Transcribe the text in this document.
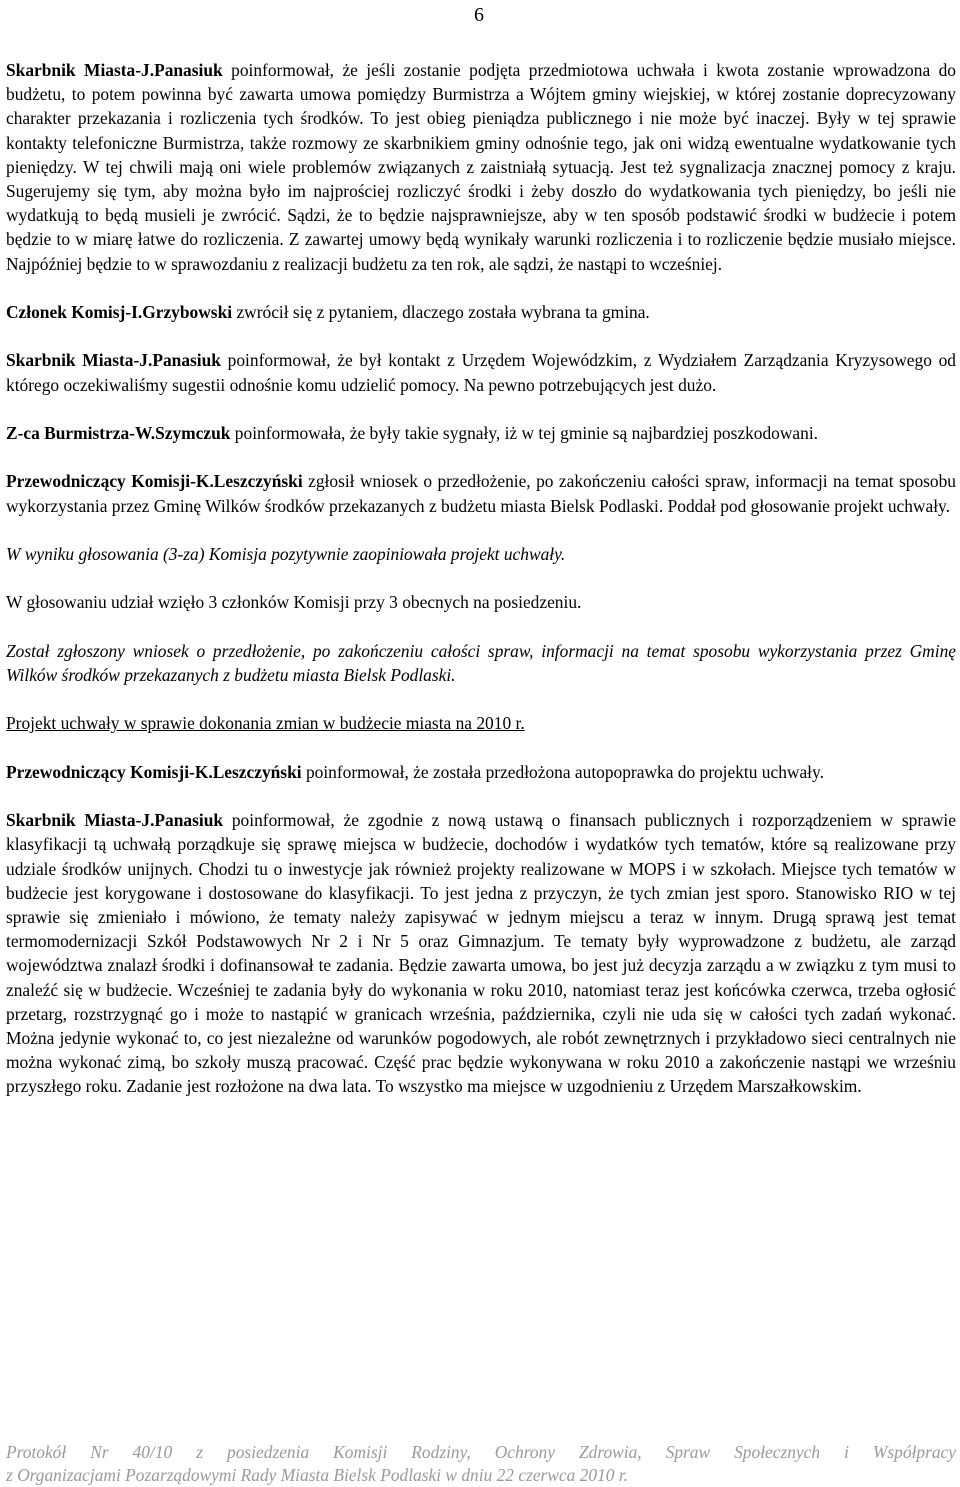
6

Skarbnik Miasta-J.Panasiuk poinformował, że jeśli zostanie podjęta przedmiotowa uchwała i kwota zostanie wprowadzona do budżetu, to potem powinna być zawarta umowa pomiędzy Burmistrza a Wójtem gminy wiejskiej, w której zostanie doprecyzowany charakter przekazania i rozliczenia tych środków. To jest obieg pieniądza publicznego i nie może być inaczej. Były w tej sprawie kontakty telefoniczne Burmistrza, także rozmowy ze skarbnikiem gminy odnośnie tego, jak oni widzą ewentualne wydatkowanie tych pieniędzy. W tej chwili mają oni wiele problemów związanych z zaistniałą sytuacją. Jest też sygnalizacja znacznej pomocy z kraju. Sugerujemy się tym, aby można było im najprościej rozliczyć środki i żeby doszło do wydatkowania tych pieniędzy, bo jeśli nie wydatkują to będą musieli je zwrócić. Sądzi, że to będzie najsprawniejsze, aby w ten sposób podstawić środki w budżecie i potem będzie to w miarę łatwe do rozliczenia. Z zawartej umowy będą wynikały warunki rozliczenia i to rozliczenie będzie musiało miejsce. Najpóźniej będzie to w sprawozdaniu z realizacji budżetu za ten rok, ale sądzi, że nastąpi to wcześniej.

Członek Komisj-I.Grzybowski zwrócił się z pytaniem, dlaczego została wybrana ta gmina.

Skarbnik Miasta-J.Panasiuk poinformował, że był kontakt z Urzędem Wojewódzkim, z Wydziałem Zarządzania Kryzysowego od którego oczekiwaliśmy sugestii odnośnie komu udzielić pomocy. Na pewno potrzebujących jest dużo.

Z-ca Burmistrza-W.Szymczuk poinformowała, że były takie sygnały, iż w tej gminie są najbardziej poszkodowani.

Przewodniczący Komisji-K.Leszczyński zgłosił wniosek o przedłożenie, po zakończeniu całości spraw, informacji na temat sposobu wykorzystania przez Gminę Wilków środków przekazanych z budżetu miasta Bielsk Podlaski. Poddał pod głosowanie projekt uchwały.

W wyniku głosowania (3-za) Komisja pozytywnie zaopiniowała projekt uchwały.

W głosowaniu udział wzięło 3 członków Komisji przy 3 obecnych na posiedzeniu.

Został zgłoszony wniosek o przedłożenie, po zakończeniu całości spraw, informacji na temat sposobu wykorzystania przez Gminę Wilków środków przekazanych z budżetu miasta Bielsk Podlaski.

Projekt uchwały w sprawie dokonania zmian w budżecie miasta na 2010 r.

Przewodniczący Komisji-K.Leszczyński poinformował, że została przedłożona autopoprawka do projektu uchwały.

Skarbnik Miasta-J.Panasiuk poinformował, że zgodnie z nową ustawą o finansach publicznych i rozporządzeniem w sprawie klasyfikacji tą uchwałą porządkuje się sprawę miejsca w budżecie, dochodów i wydatków tych tematów, które są realizowane przy udziale środków unijnych. Chodzi tu o inwestycje jak również projekty realizowane w MOPS i w szkołach. Miejsce tych tematów w budżecie jest korygowane i dostosowane do klasyfikacji. To jest jedna z przyczyn, że tych zmian jest sporo. Stanowisko RIO w tej sprawie się zmieniało i mówiono, że tematy należy zapisywać w jednym miejscu a teraz w innym. Drugą sprawą jest temat termomodernizacji Szkół Podstawowych Nr 2 i Nr 5 oraz Gimnazjum. Te tematy były wyprowadzone z budżetu, ale zarząd województwa znalazł środki i dofinansował te zadania. Będzie zawarta umowa, bo jest już decyzja zarządu a w związku z tym musi to znaleźć się w budżecie. Wcześniej te zadania były do wykonania w roku 2010, natomiast teraz jest końcówka czerwca, trzeba ogłosić przetarg, rozstrzygnąć go i może to nastąpić w granicach września, października, czyli nie uda się w całości tych zadań wykonać. Można jedynie wykonać to, co jest niezależne od warunków pogodowych, ale robót zewnętrznych i przykładowo sieci centralnych nie można wykonać zimą, bo szkoły muszą pracować. Część prac będzie wykonywana w roku 2010 a zakończenie nastąpi we wrześniu przyszłego roku. Zadanie jest rozłożone na dwa lata. To wszystko ma miejsce w uzgodnieniu z Urzędem Marszałkowskim.

Protokół Nr 40/10 z posiedzenia Komisji Rodziny, Ochrony Zdrowia, Spraw Społecznych i Współpracy
z Organizacjami Pozarządowymi Rady Miasta Bielsk Podlaski w dniu 22 czerwca 2010 r.
